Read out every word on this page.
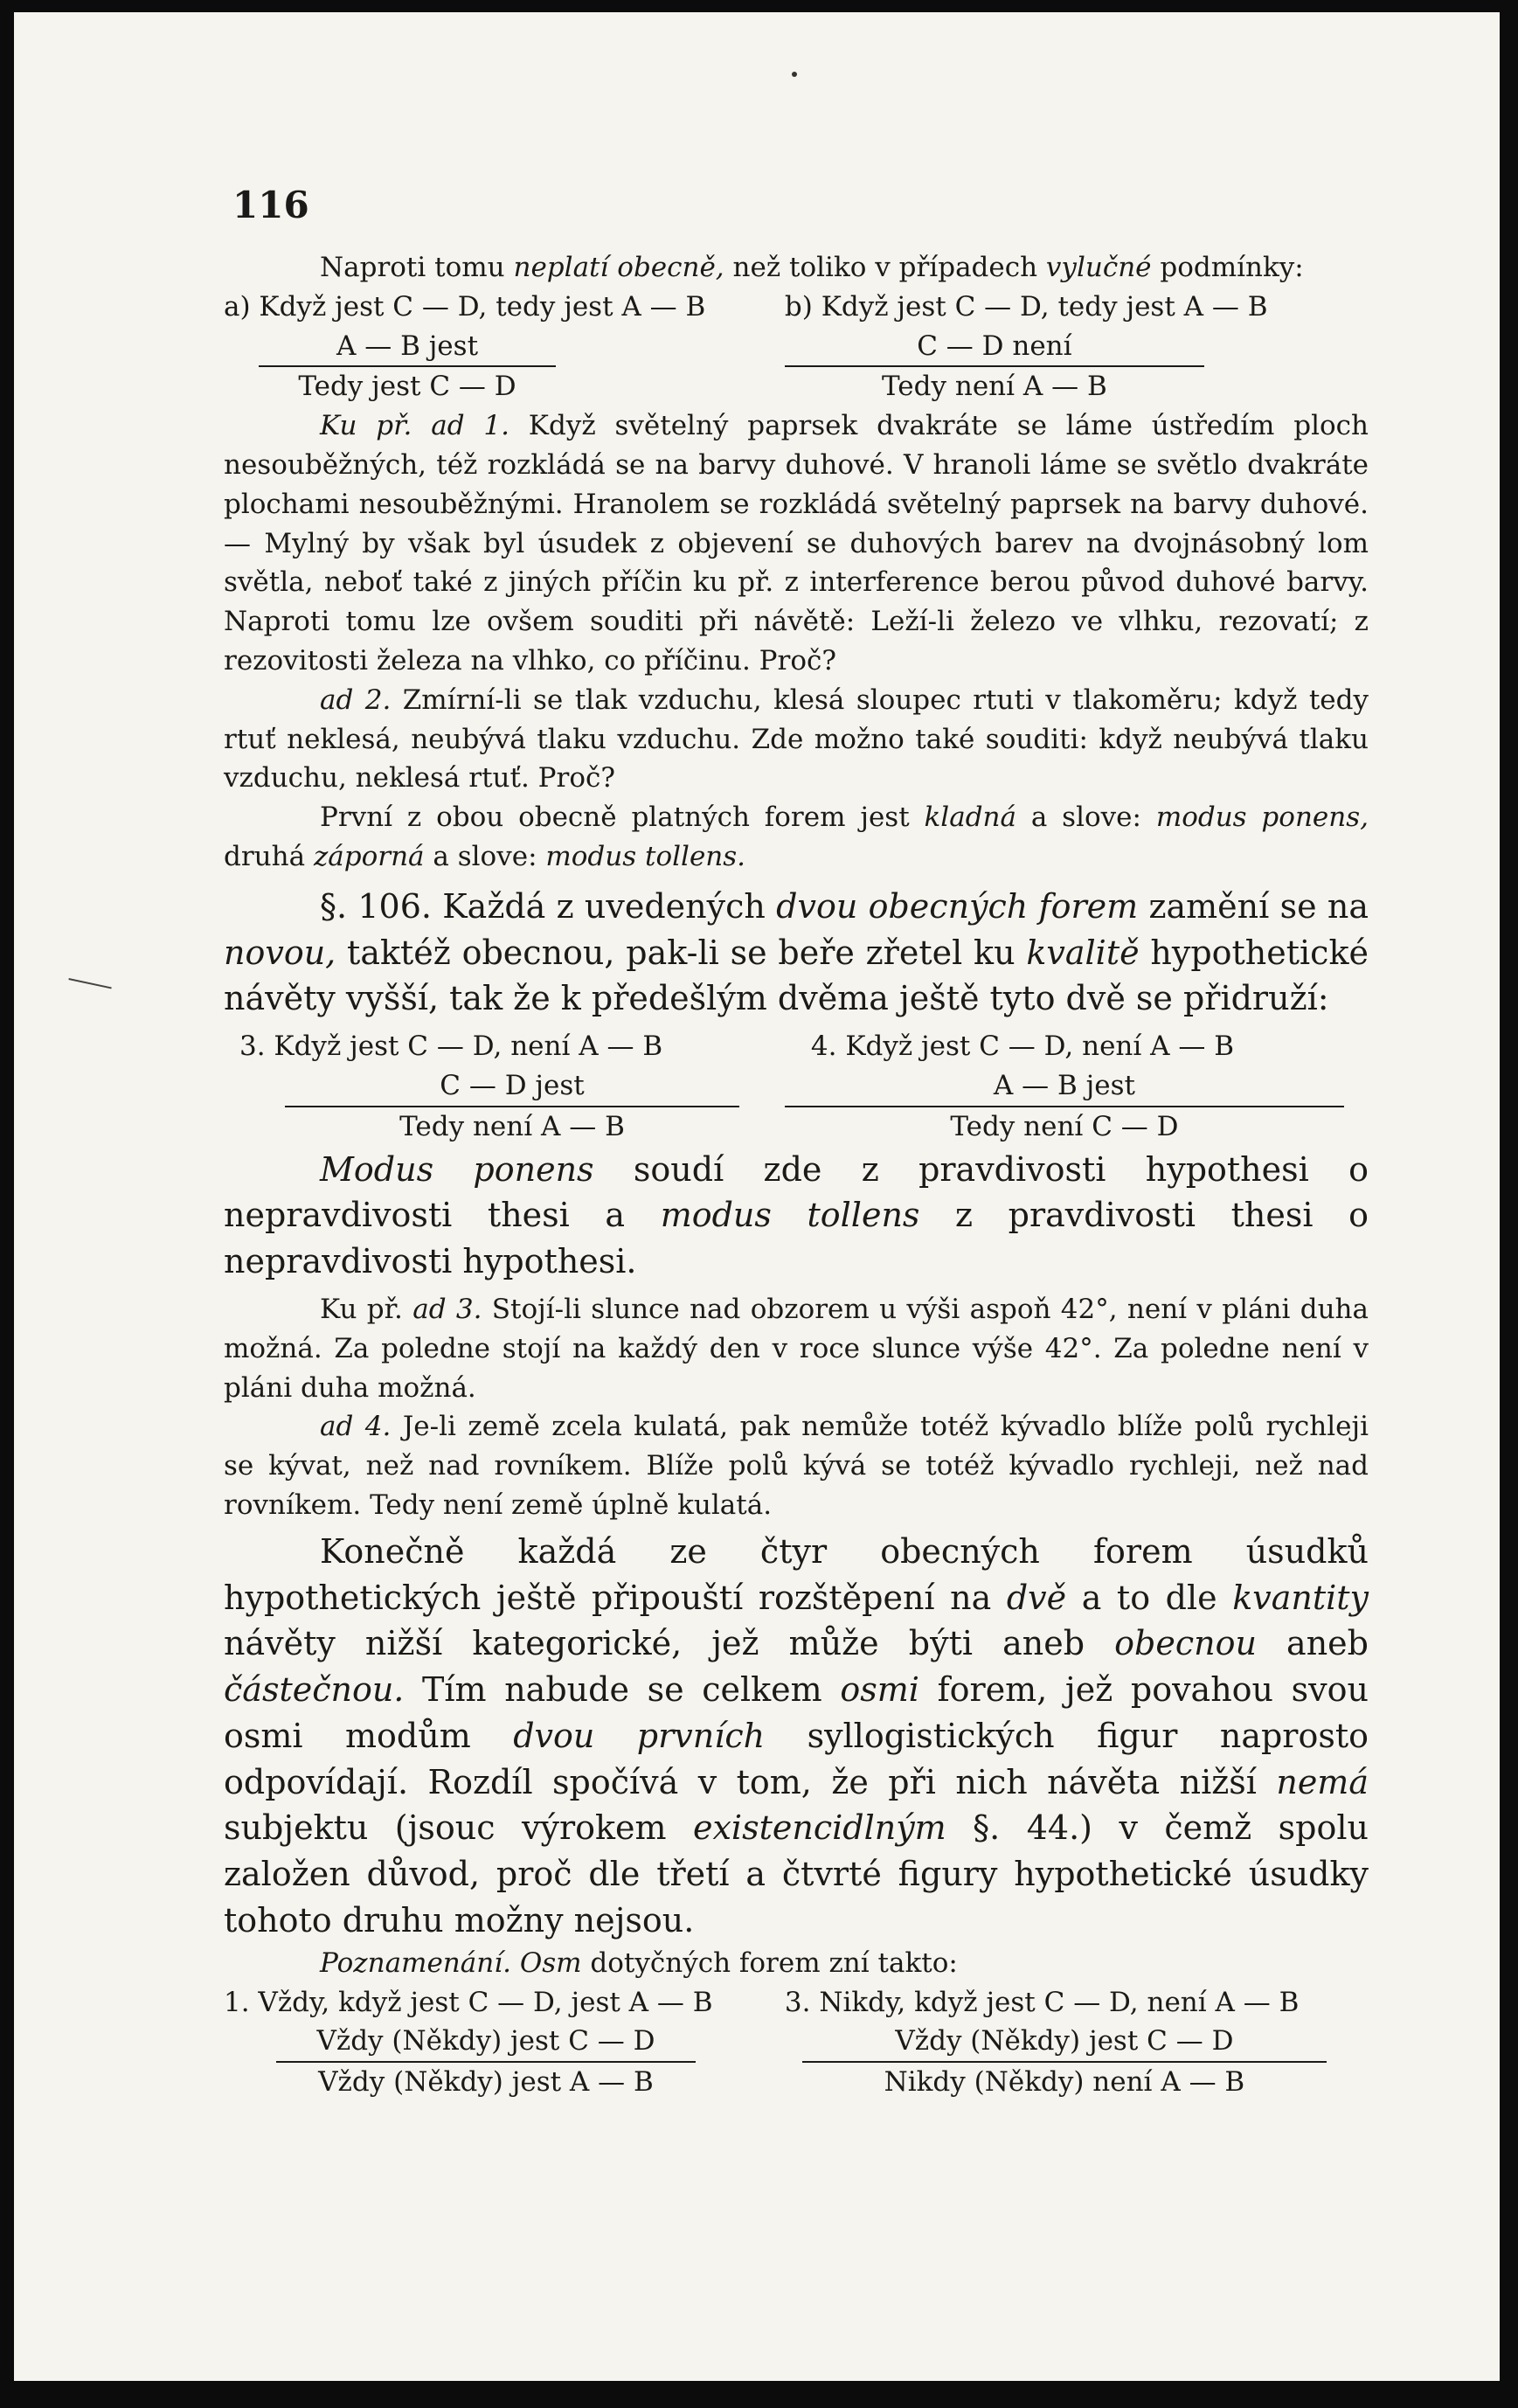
116

Naproti tomu neplatí obecně, než toliko v případech vylučné podmínky:

a) Když jest C — D, tedy jest A — B
A — B jest
Tedy jest C — D
b) Když jest C — D, tedy jest A — B
C — D není
Tedy není A — B

Ku př. ad 1. Když světelný paprsek dvakráte se láme ústředím ploch nesouběžných, též rozkládá se na barvy duhové. V hranoli láme se světlo dvakráte plochami nesouběžnými. Hranolem se rozkládá světelný paprsek na barvy duhové. — Mylný by však byl úsudek z objevení se duhových barev na dvojnásobný lom světla, neboť také z jiných příčin ku př. z interference berou původ duhové barvy. Naproti tomu lze ovšem souditi při návětě: Leží-li železo ve vlhku, rezovatí; z rezovitosti železa na vlhko, co příčinu. Proč?

ad 2. Zmírní-li se tlak vzduchu, klesá sloupec rtuti v tlakoměru; když tedy rtuť neklesá, neubývá tlaku vzduchu. Zde možno také souditi: když neubývá tlaku vzduchu, neklesá rtuť. Proč?

První z obou obecně platných forem jest kladná a slove: modus ponens, druhá záporná a slove: modus tollens.

§. 106. Každá z uvedených dvou obecných forem zamění se na novou, taktéž obecnou, pak-li se beře zřetel ku kvalitě hypothetické návěty vyšší, tak že k předešlým dvěma ještě tyto dvě se přidruží:

3. Když jest C — D, není A — B
C — D jest
Tedy není A — B
4. Když jest C — D, není A — B
A — B jest
Tedy není C — D

Modus ponens soudí zde z pravdivosti hypothesi o nepravdivosti thesi a modus tollens z pravdivosti thesi o nepravdivosti hypothesi.

Ku př. ad 3. Stojí-li slunce nad obzorem u výši aspoň 42°, není v pláni duha možná. Za poledne stojí na každý den v roce slunce výše 42°. Za poledne není v pláni duha možná.

ad 4. Je-li země zcela kulatá, pak nemůže totéž kývadlo blíže polů rychleji se kývat, než nad rovníkem. Blíže polů kývá se totéž kývadlo rychleji, než nad rovníkem. Tedy není země úplně kulatá.

Konečně každá ze čtyr obecných forem úsudků hypothetických ještě připouští rozštěpení na dvě a to dle kvantity návěty nižší kategorické, jež může býti aneb obecnou aneb částečnou. Tím nabude se celkem osmi forem, jež povahou svou osmi modům dvou prvních syllogistických figur naprosto odpovídají. Rozdíl spočívá v tom, že při nich návěta nižší nemá subjektu (jsouc výrokem existencidlným §. 44.) v čemž spolu založen důvod, proč dle třetí a čtvrté figury hypothetické úsudky tohoto druhu možny nejsou.

Poznamenání. Osm dotyčných forem zní takto:

1. Vždy, když jest C — D, jest A — B
Vždy (Někdy) jest C — D
Vždy (Někdy) jest A — B
3. Nikdy, když jest C — D, není A — B
Vždy (Někdy) jest C — D
Nikdy (Někdy) není A — B
